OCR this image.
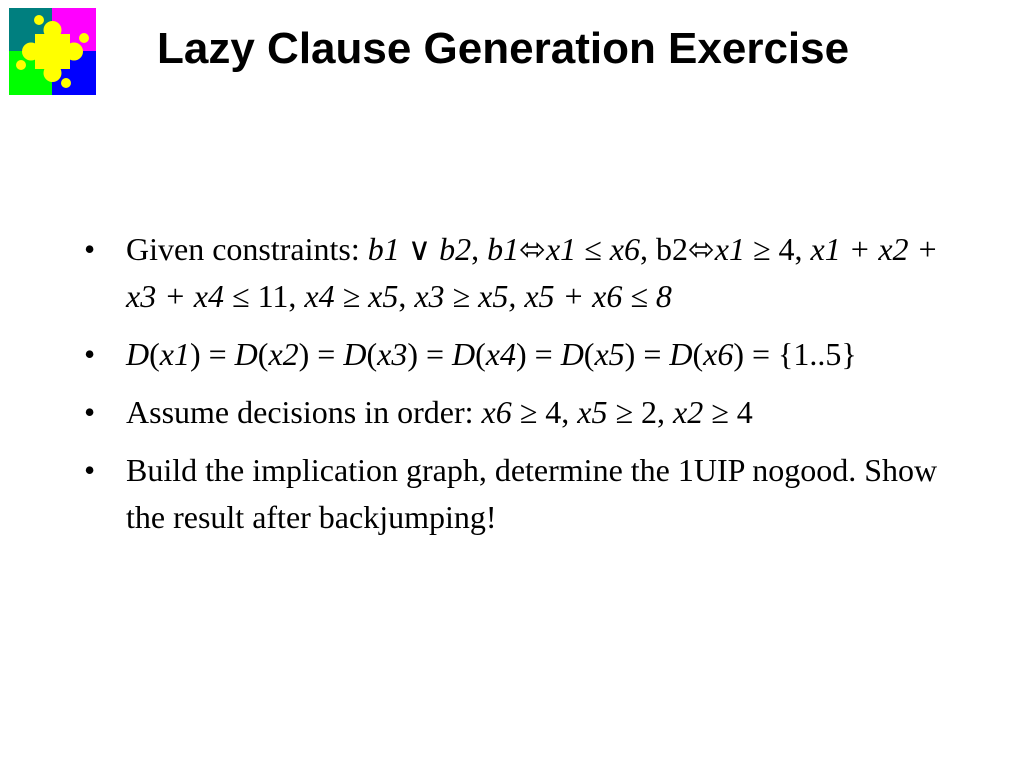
Lazy Clause Generation Exercise
• Given constraints: b1 ∨ b2, b1⬄x1 ≤ x6, b2⬄x1 ≥ 4, x1 + x2 + x3 + x4 ≤ 11, x4 ≥ x5, x3 ≥ x5, x5 + x6 ≤ 8
• D(x1) = D(x2) = D(x3) = D(x4) = D(x5) = D(x6) = {1..5}
• Assume decisions in order: x6 ≥ 4, x5 ≥ 2, x2 ≥ 4
• Build the implication graph, determine the 1UIP nogood. Show the result after backjumping!
